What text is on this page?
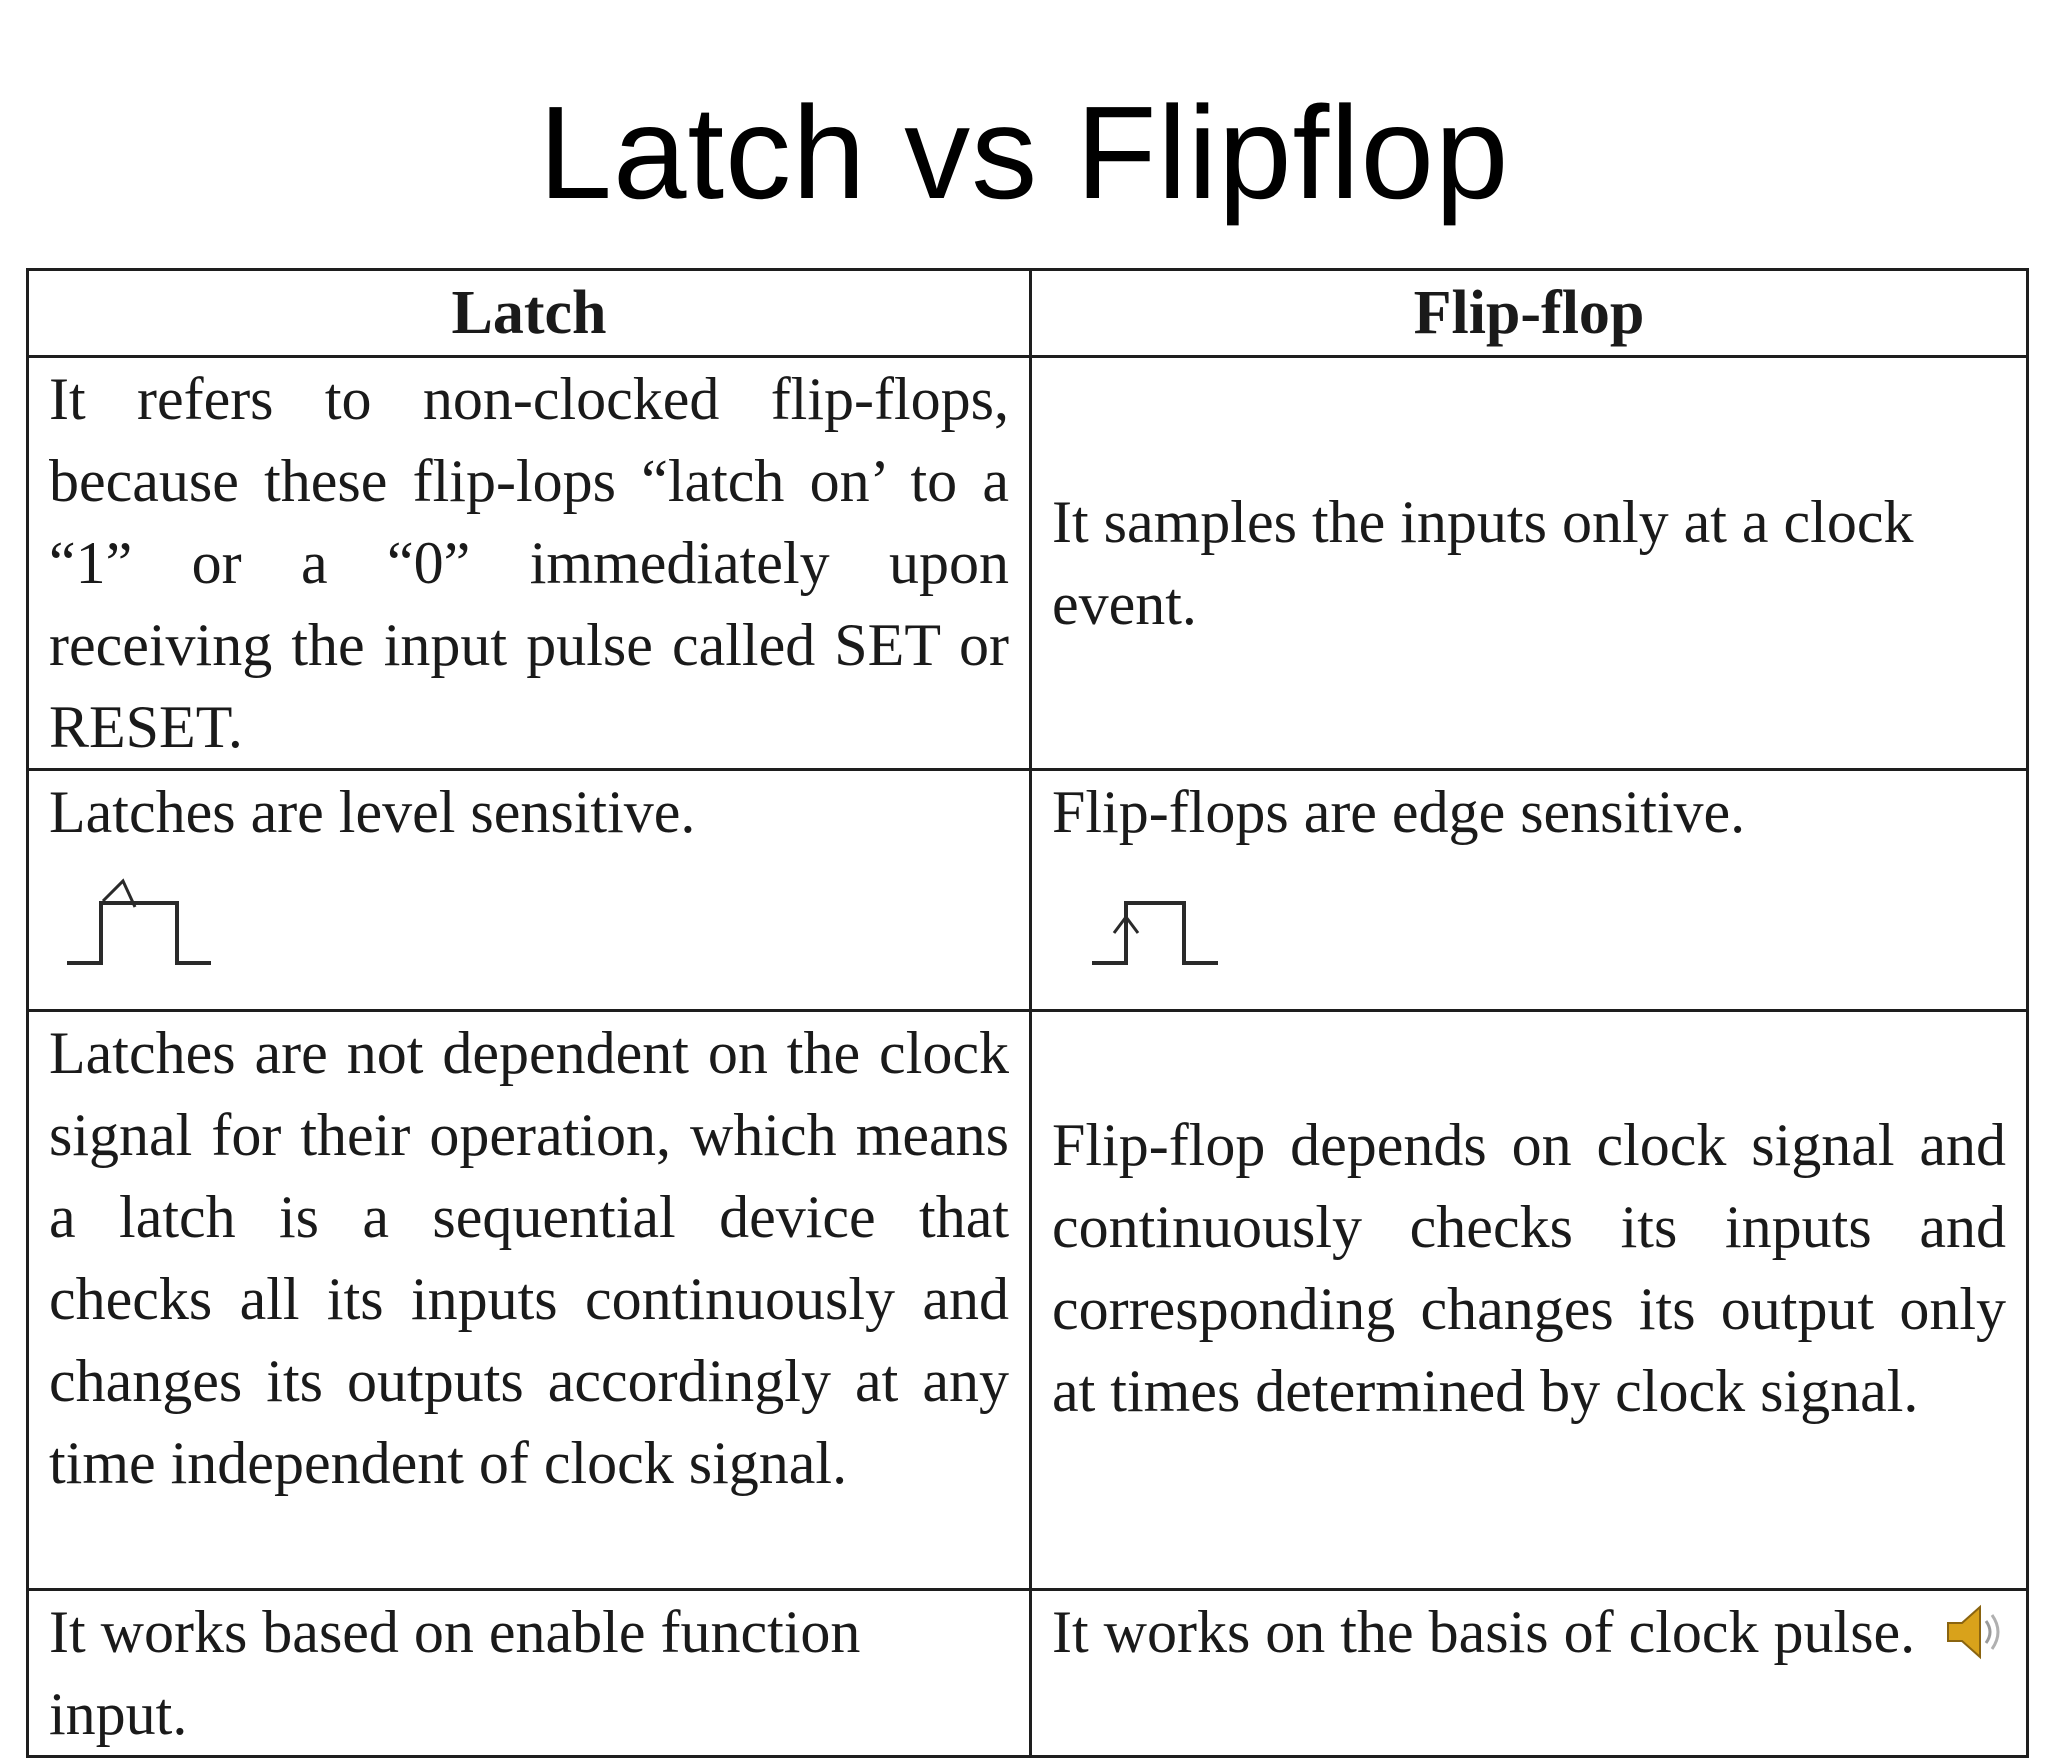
Latch vs Flipflop
Latch	Flip-flop
It refers to non-clocked flip-flops, because these flip-lops “latch on’ to a “1” or a “0” immediately upon receiving the input pulse called SET or RESET.	It samples the inputs only at a clock event.

Latches are level sensitive.	Flip-flops are edge sensitive.

Latches are not dependent on the clock signal for their operation, which means a latch is a sequential device that checks all its inputs continuously and changes its outputs accordingly at any time independent of clock signal.	Flip-flop depends on clock signal and continuously checks its inputs and corresponding changes its output only at times determined by clock signal.
It works based on enable function input.	It works on the basis of clock pulse.
